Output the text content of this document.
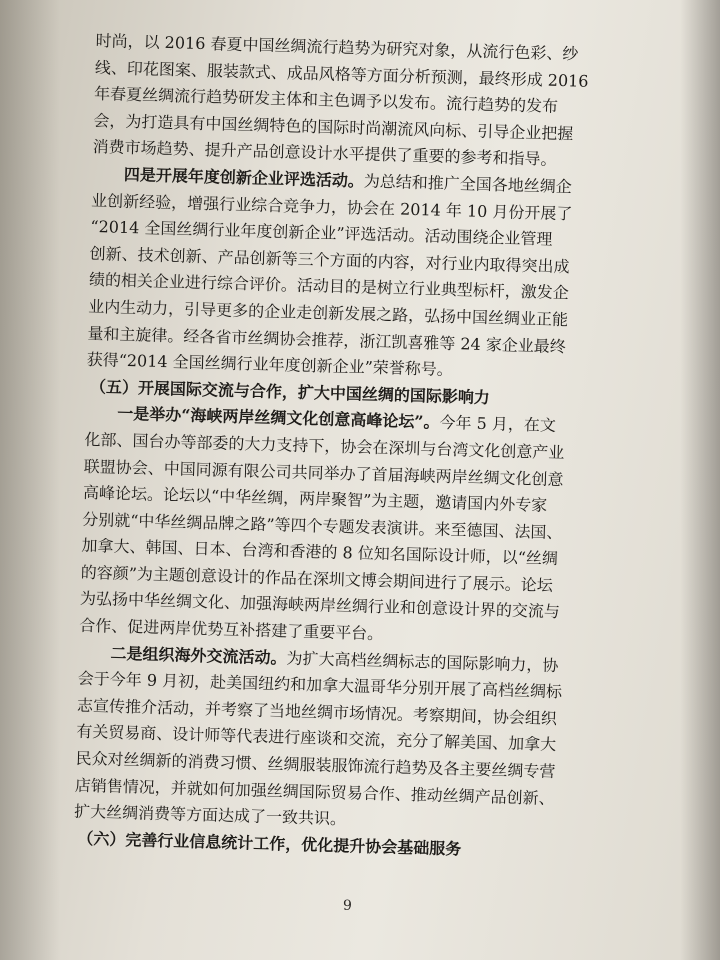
时尚，以 2016 春夏中国丝绸流行趋势为研究对象，从流行色彩、纱
线、印花图案、服装款式、成品风格等方面分析预测，最终形成 2016
年春夏丝绸流行趋势研发主体和主色调予以发布。流行趋势的发布
会，为打造具有中国丝绸特色的国际时尚潮流风向标、引导企业把握
消费市场趋势、提升产品创意设计水平提供了重要的参考和指导。
四是开展年度创新企业评选活动。为总结和推广全国各地丝绸企
业创新经验，增强行业综合竞争力，协会在 2014 年 10 月份开展了
“2014 全国丝绸行业年度创新企业”评选活动。活动围绕企业管理
创新、技术创新、产品创新等三个方面的内容，对行业内取得突出成
绩的相关企业进行综合评价。活动目的是树立行业典型标杆，激发企
业内生动力，引导更多的企业走创新发展之路，弘扬中国丝绸业正能
量和主旋律。经各省市丝绸协会推荐，浙江凯喜雅等 24 家企业最终
获得“2014 全国丝绸行业年度创新企业”荣誉称号。
（五）开展国际交流与合作，扩大中国丝绸的国际影响力
一是举办“海峡两岸丝绸文化创意高峰论坛”。今年 5 月，在文
化部、国台办等部委的大力支持下，协会在深圳与台湾文化创意产业
联盟协会、中国同源有限公司共同举办了首届海峡两岸丝绸文化创意
高峰论坛。论坛以“中华丝绸，两岸聚智”为主题，邀请国内外专家
分别就“中华丝绸品牌之路”等四个专题发表演讲。来至德国、法国、
加拿大、韩国、日本、台湾和香港的 8 位知名国际设计师，以“丝绸
的容颜”为主题创意设计的作品在深圳文博会期间进行了展示。论坛
为弘扬中华丝绸文化、加强海峡两岸丝绸行业和创意设计界的交流与
合作、促进两岸优势互补搭建了重要平台。
二是组织海外交流活动。为扩大高档丝绸标志的国际影响力，协
会于今年 9 月初，赴美国纽约和加拿大温哥华分别开展了高档丝绸标
志宣传推介活动，并考察了当地丝绸市场情况。考察期间，协会组织
有关贸易商、设计师等代表进行座谈和交流，充分了解美国、加拿大
民众对丝绸新的消费习惯、丝绸服装服饰流行趋势及各主要丝绸专营
店销售情况，并就如何加强丝绸国际贸易合作、推动丝绸产品创新、
扩大丝绸消费等方面达成了一致共识。
（六）完善行业信息统计工作，优化提升协会基础服务
9
